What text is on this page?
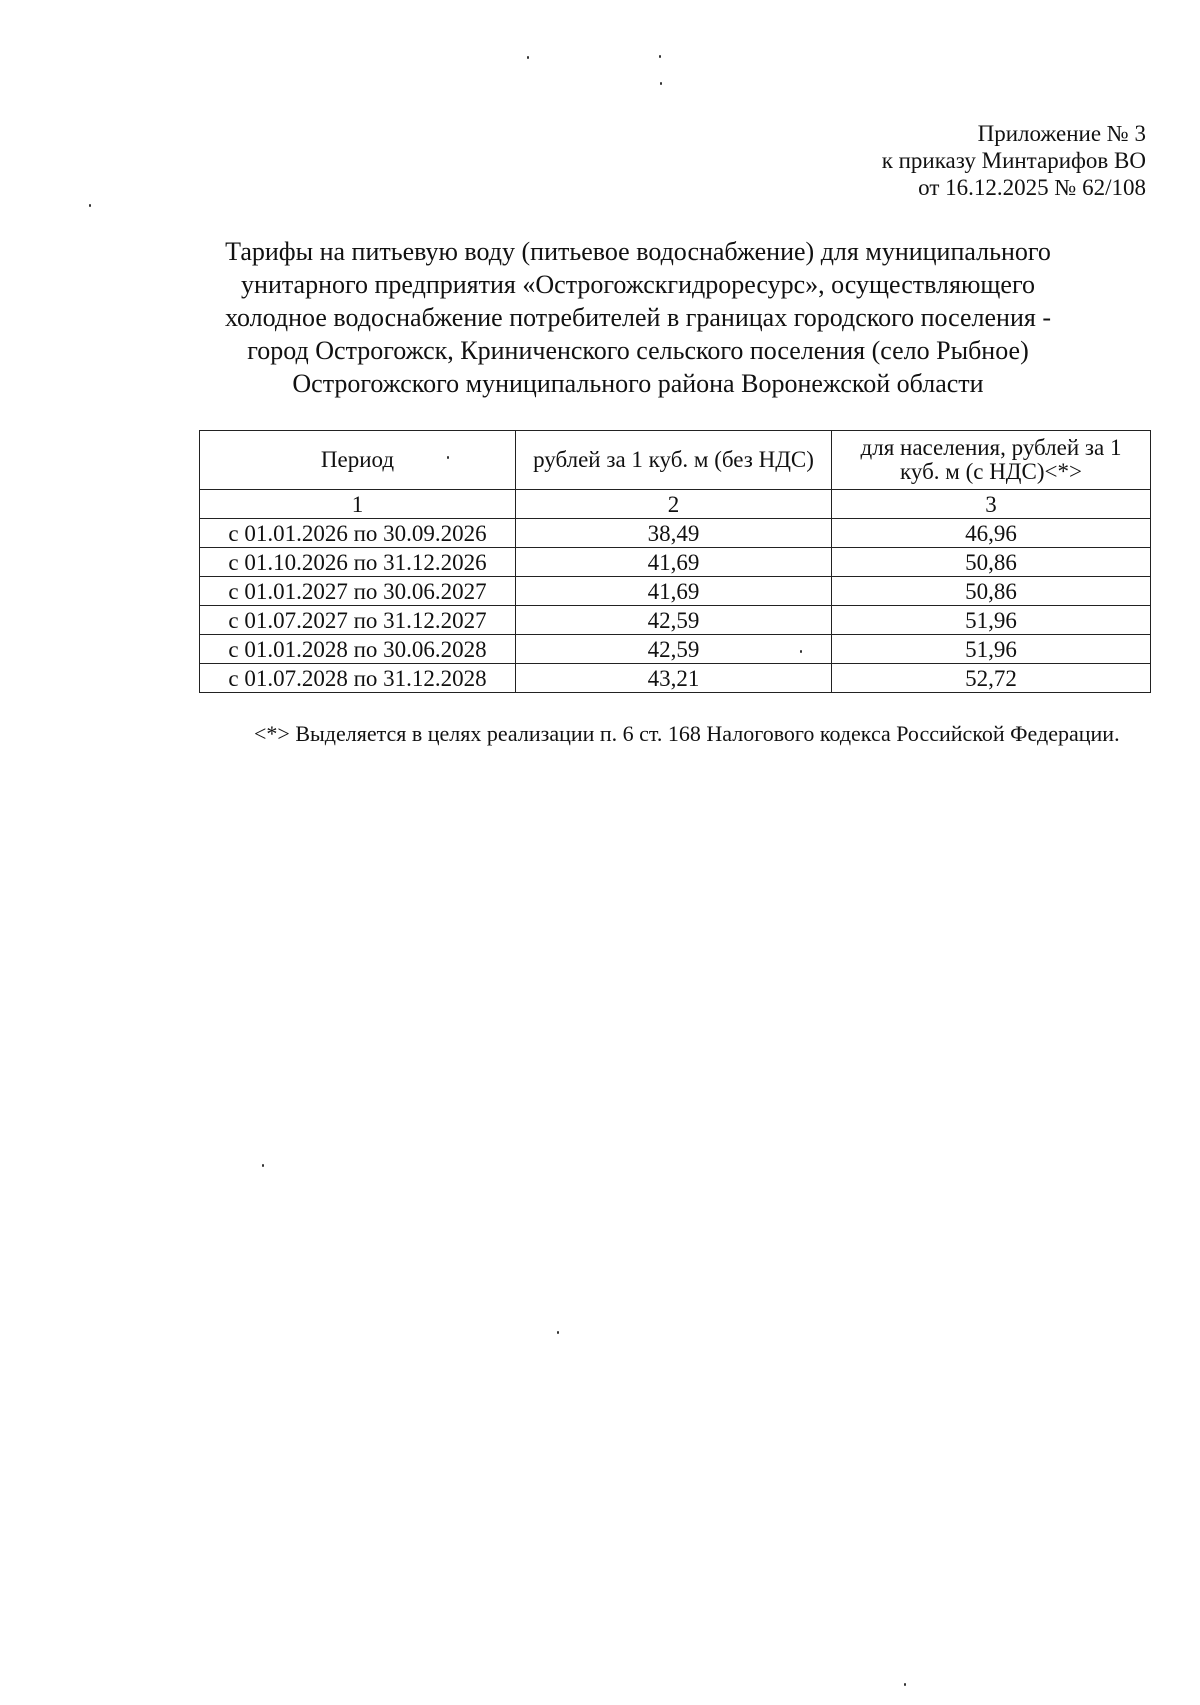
Приложение № 3
к приказу Минтарифов ВО
от 16.12.2025 № 62/108
Тарифы на питьевую воду (питьевое водоснабжение) для муниципального
унитарного предприятия «Острогожскгидроресурс», осуществляющего
холодное водоснабжение потребителей в границах городского поселения -
город Острогожск, Криниченского сельского поселения (село Рыбное)
Острогожского муниципального района Воронежской области
Период	рублей за 1 куб. м (без НДС)	для населения, рублей за 1 куб. м (с НДС)<*>
1	2	3
с 01.01.2026 по 30.09.2026	38,49	46,96
с 01.10.2026 по 31.12.2026	41,69	50,86
с 01.01.2027 по 30.06.2027	41,69	50,86
с 01.07.2027 по 31.12.2027	42,59	51,96
с 01.01.2028 по 30.06.2028	42,59	51,96
с 01.07.2028 по 31.12.2028	43,21	52,72
<*> Выделяется в целях реализации п. 6 ст. 168 Налогового кодекса Российской Федерации.
